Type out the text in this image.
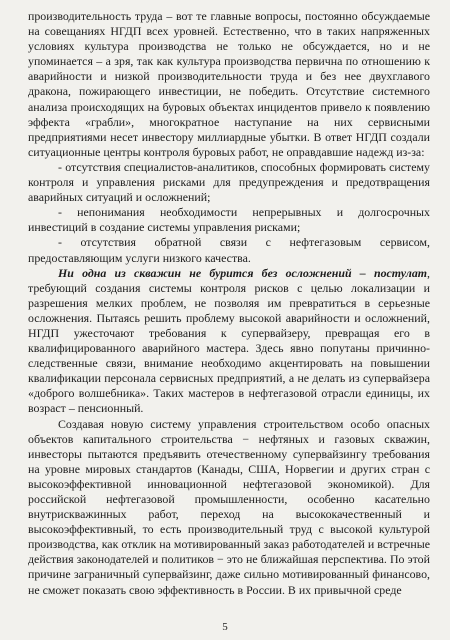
производительность труда – вот те главные вопросы, постоянно обсуждаемые на совещаниях НГДП всех уровней. Естественно, что в таких напряженных условиях культура производства не только не обсуждается, но и не упоминается – а зря, так как культура производства первична по отношению к аварийности и низкой производительности труда и без нее двухглавого дракона, пожирающего инвестиции, не победить. Отсутствие системного анализа происходящих на буровых объектах инцидентов привело к появлению эффекта «грабли», многократное наступание на них сервисными предприятиями несет инвестору миллиардные убытки. В ответ НГДП создали ситуационные центры контроля буровых работ, не оправдавшие надежд из-за:

- отсутствия специалистов-аналитиков, способных формировать систему контроля и управления рисками для предупреждения и предотвращения аварийных ситуаций и осложнений;

- непонимания необходимости непрерывных и долгосрочных инвестиций в создание системы управления рисками;

- отсутствия обратной связи с нефтегазовым сервисом, предоставляющим услуги низкого качества.

Ни одна из скважин не бурится без осложнений – постулат, требующий создания системы контроля рисков с целью локализации и разрешения мелких проблем, не позволяя им превратиться в серьезные осложнения. Пытаясь решить проблему высокой аварийности и осложнений, НГДП ужесточают требования к супервайзеру, превращая его в квалифицированного аварийного мастера. Здесь явно попутаны причинно-следственные связи, внимание необходимо акцентировать на повышении квалификации персонала сервисных предприятий, а не делать из супервайзера «доброго волшебника». Таких мастеров в нефтегазовой отрасли единицы, их возраст – пенсионный.

Создавая новую систему управления строительством особо опасных объектов капитального строительства − нефтяных и газовых скважин, инвесторы пытаются предъявить отечественному супервайзингу требования на уровне мировых стандартов (Канады, США, Норвегии и других стран с высокоэффективной инновационной нефтегазовой экономикой). Для российской нефтегазовой промышленности, особенно касательно внутрискважинных работ, переход на высококачественный и высокоэффективный, то есть производительный труд с высокой культурой производства, как отклик на мотивированный заказ работодателей и встречные действия законодателей и политиков − это не ближайшая перспектива. По этой причине заграничный супервайзинг, даже сильно мотивированный финансово, не сможет показать свою эффективность в России. В их привычной среде

5
